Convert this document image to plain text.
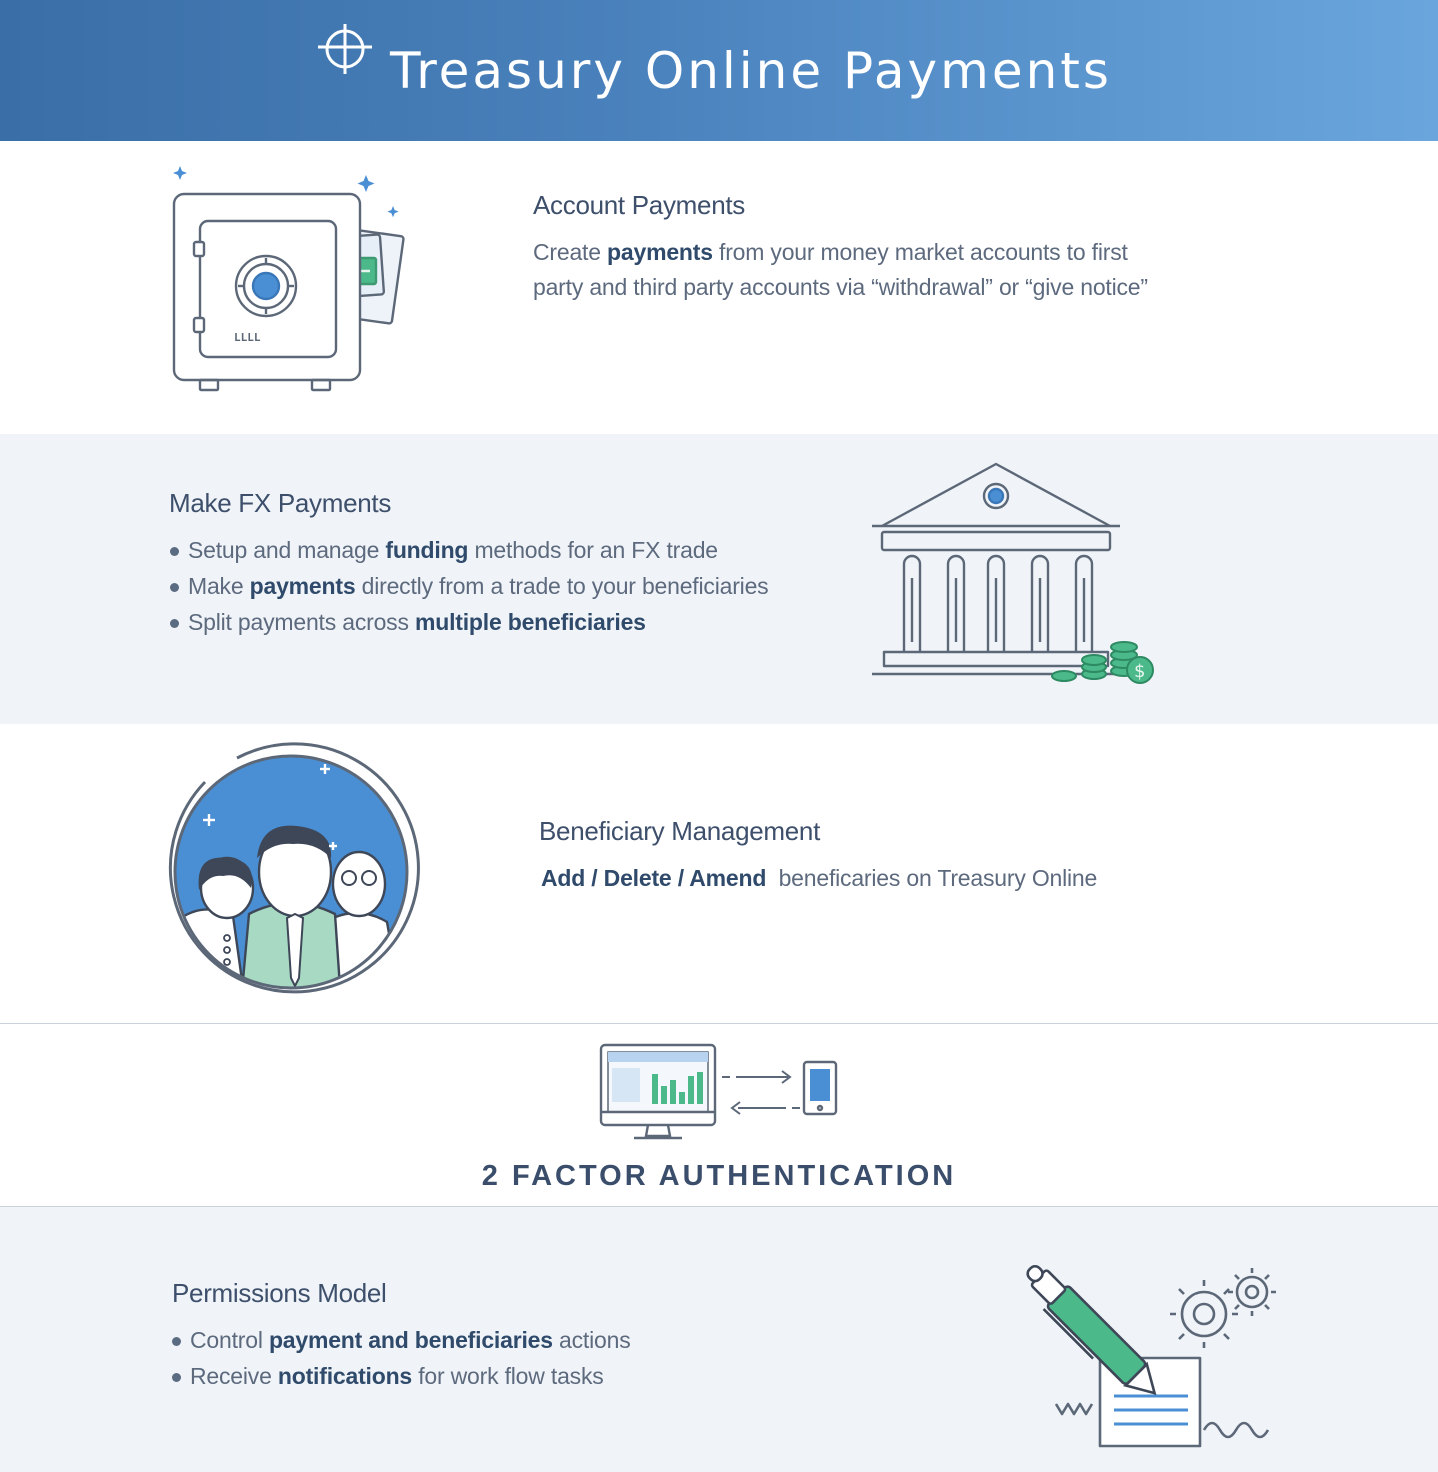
Treasury Online Payments
LLLL
Account Payments
Create payments from your money market accounts to first
party and third party accounts via “withdrawal” or “give notice”
Make FX Payments
Setup and manage funding methods for an FX trade
Make payments directly from a trade to your beneficiaries
Split payments across multiple beneficiaries
$
Beneficiary Management
Add / Delete / Amend beneficaries on Treasury Online
2 FACTOR AUTHENTICATION
Permissions Model
Control payment and beneficiaries actions
Receive notifications for work flow tasks
